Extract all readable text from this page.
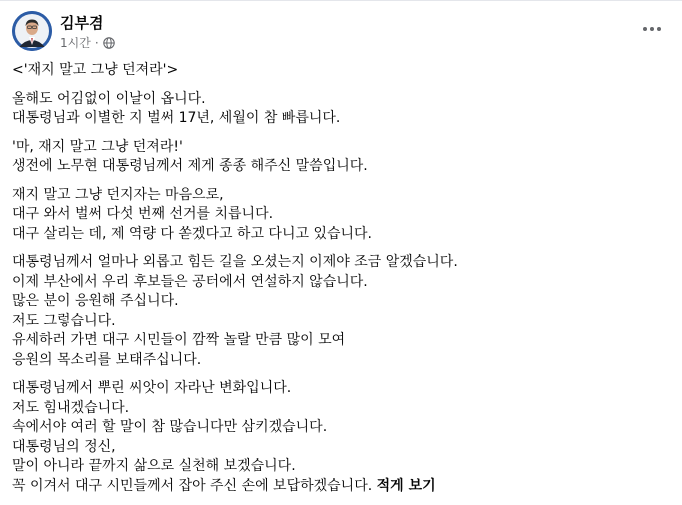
김부겸
1시간 ·
<'재지 말고 그냥 던져라'>
올해도 어김없이 이날이 옵니다.
대통령님과 이별한 지 벌써 17년, 세월이 참 빠릅니다.
'마, 재지 말고 그냥 던져라!'
생전에 노무현 대통령님께서 제게 종종 해주신 말씀입니다.
재지 말고 그냥 던지자는 마음으로,
대구 와서 벌써 다섯 번째 선거를 치릅니다.
대구 살리는 데, 제 역량 다 쏟겠다고 하고 다니고 있습니다.
대통령님께서 얼마나 외롭고 힘든 길을 오셨는지 이제야 조금 알겠습니다.
이제 부산에서 우리 후보들은 공터에서 연설하지 않습니다.
많은 분이 응원해 주십니다.
저도 그렇습니다.
유세하러 가면 대구 시민들이 깜짝 놀랄 만큼 많이 모여
응원의 목소리를 보태주십니다.
대통령님께서 뿌린 씨앗이 자라난 변화입니다.
저도 힘내겠습니다.
속에서야 여러 할 말이 참 많습니다만 삼키겠습니다.
대통령님의 정신,
말이 아니라 끝까지 삶으로 실천해 보겠습니다.
꼭 이겨서 대구 시민들께서 잡아 주신 손에 보답하겠습니다. 적게 보기
